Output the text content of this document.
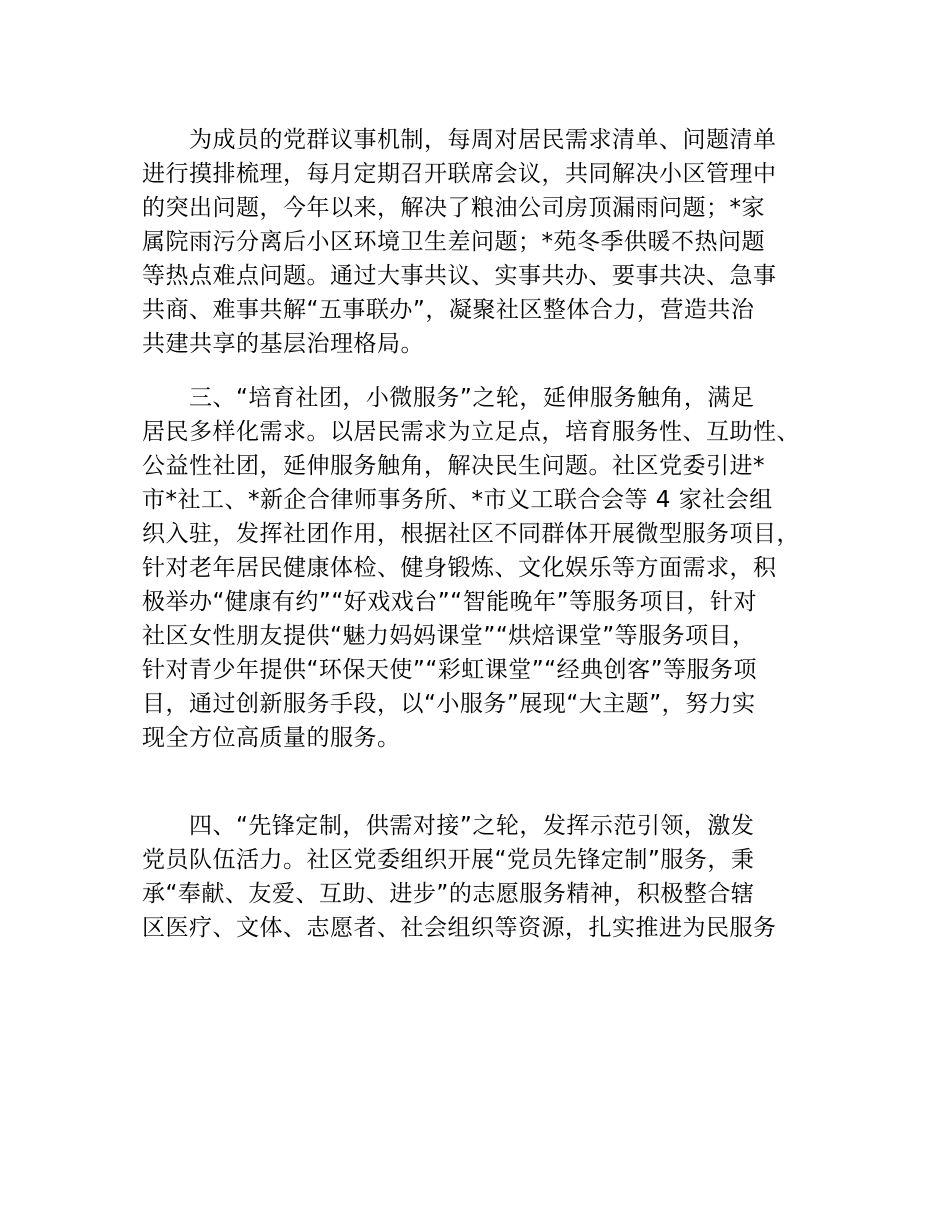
为成员的党群议事机制，每周对居民需求清单、问题清单
进行摸排梳理，每月定期召开联席会议，共同解决小区管理中
的突出问题，今年以来，解决了粮油公司房顶漏雨问题；*家
属院雨污分离后小区环境卫生差问题；*苑冬季供暖不热问题
等热点难点问题。通过大事共议、实事共办、要事共决、急事
共商、难事共解“五事联办”，凝聚社区整体合力，营造共治
共建共享的基层治理格局。
三、“培育社团，小微服务”之轮，延伸服务触角，满足
居民多样化需求。以居民需求为立足点，培育服务性、互助性、
公益性社团，延伸服务触角，解决民生问题。社区党委引进*
市*社工、*新企合律师事务所、*市义工联合会等 4 家社会组
织入驻，发挥社团作用，根据社区不同群体开展微型服务项目，
针对老年居民健康体检、健身锻炼、文化娱乐等方面需求，积
极举办“健康有约”“好戏戏台”“智能晚年”等服务项目，针对
社区女性朋友提供“魅力妈妈课堂”“烘焙课堂”等服务项目，
针对青少年提供“环保天使”“彩虹课堂”“经典创客”等服务项
目，通过创新服务手段，以“小服务”展现“大主题”，努力实
现全方位高质量的服务。
四、“先锋定制，供需对接”之轮，发挥示范引领，激发
党员队伍活力。社区党委组织开展“党员先锋定制”服务，秉
承“奉献、友爱、互助、进步”的志愿服务精神，积极整合辖
区医疗、文体、志愿者、社会组织等资源，扎实推进为民服务
